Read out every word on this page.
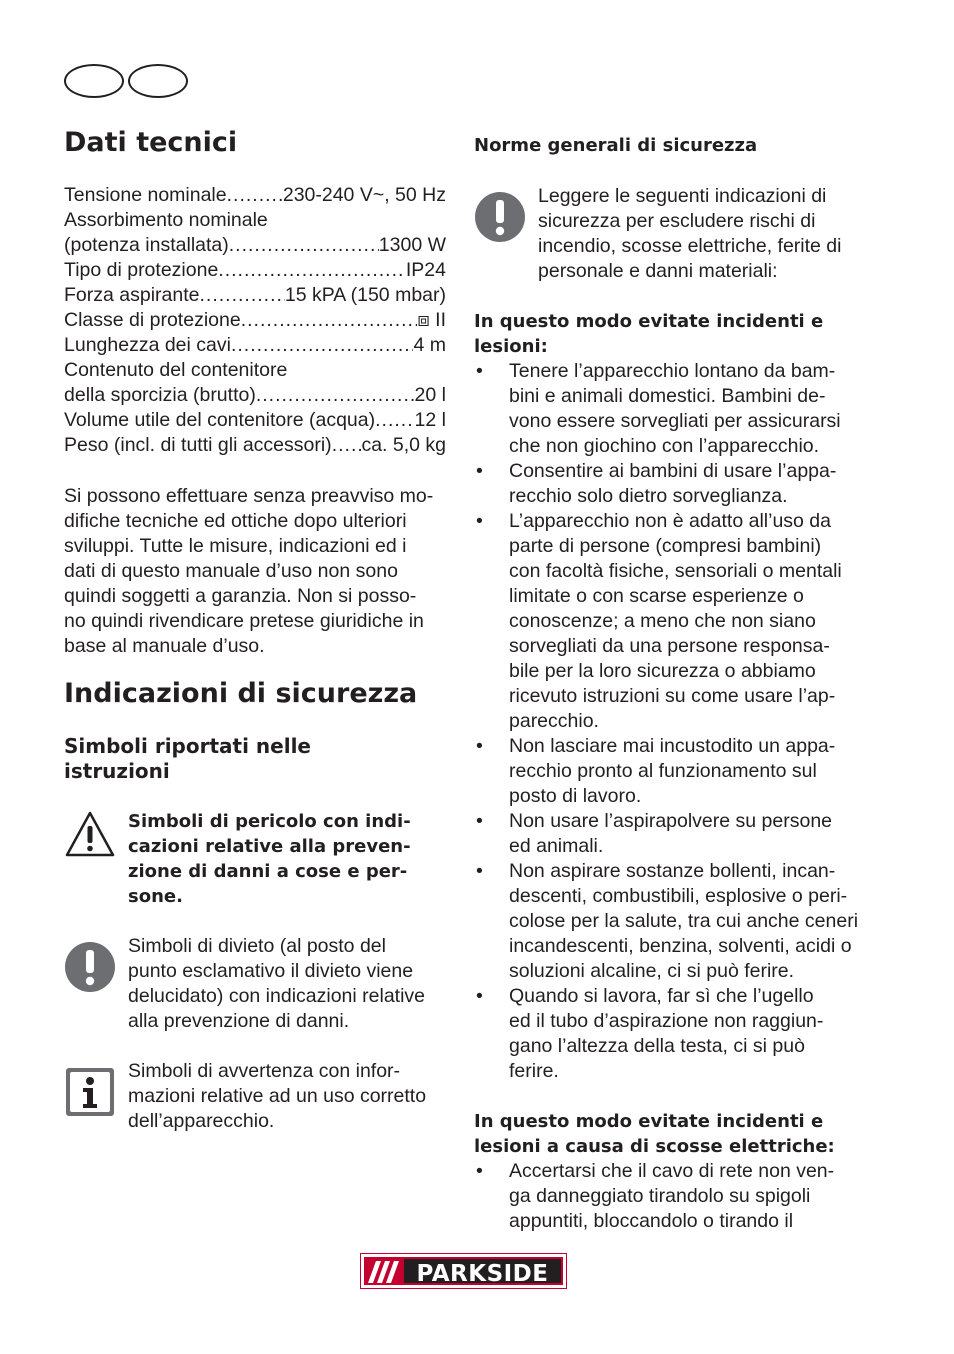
Dati tecnici
Tensione nominale .....	230-240 V~, 50 Hz
Assorbimento nominale
(potenza installata) .....	1300 W
Tipo di protezione .....	IP24
Forza aspirante .....	15 kPA (150 mbar)
Classe di protezione .....	⧈ II
Lunghezza dei cavi .....	4 m
Contenuto del contenitore
della sporcizia (brutto) .....	20 l
Volume utile del contenitore (acqua) ..... 12 l
Peso (incl. di tutti gli accessori) ..... ca. 5,0 kg

Si possono effettuare senza preavviso mo-
difiche tecniche ed ottiche dopo ulteriori
sviluppi. Tutte le misure, indicazioni ed i
dati di questo manuale d’uso non sono
quindi soggetti a garanzia. Non si posso-
no quindi rivendicare pretese giuridiche in
base al manuale d’uso.

Indicazioni di sicurezza
Simboli riportati nelle
istruzioni

Simboli di pericolo con indi-
cazioni relative alla preven-
zione di danni a cose e per-
sone.

Simboli di divieto (al posto del
punto esclamativo il divieto viene
delucidato) con indicazioni relative
alla prevenzione di danni.

Simboli di avvertenza con infor-
mazioni relative ad un uso corretto
dell’apparecchio.

Norme generali di sicurezza

Leggere le seguenti indicazioni di
sicurezza per escludere rischi di
incendio, scosse elettriche, ferite di
personale e danni materiali:

In questo modo evitate incidenti e
lesioni:

• Tenere l’apparecchio lontano da bam-
bini e animali domestici. Bambini de-
vono essere sorvegliati per assicurarsi
che non giochino con l’apparecchio.
• Consentire ai bambini di usare l’appa-
recchio solo dietro sorveglianza.
• L’apparecchio non è adatto all’uso da
parte di persone (compresi bambini)
con facoltà fisiche, sensoriali o mentali
limitate o con scarse esperienze o
conoscenze; a meno che non siano
sorvegliati da una persone responsa-
bile per la loro sicurezza o abbiamo
ricevuto istruzioni su come usare l’ap-
parecchio.
• Non lasciare mai incustodito un appa-
recchio pronto al funzionamento sul
posto di lavoro.
• Non usare l’aspirapolvere su persone
ed animali.
• Non aspirare sostanze bollenti, incan-
descenti, combustibili, esplosive o peri-
colose per la salute, tra cui anche ceneri
incandescenti, benzina, solventi, acidi o
soluzioni alcaline, ci si può ferire.
• Quando si lavora, far sì che l’ugello
ed il tubo d’aspirazione non raggiun-
gano l’altezza della testa, ci si può
ferire.

In questo modo evitate incidenti e
lesioni a causa di scosse elettriche:

• Accertarsi che il cavo di rete non ven-
ga danneggiato tirandolo su spigoli
appuntiti, bloccandolo o tirando il
PARKSIDE
